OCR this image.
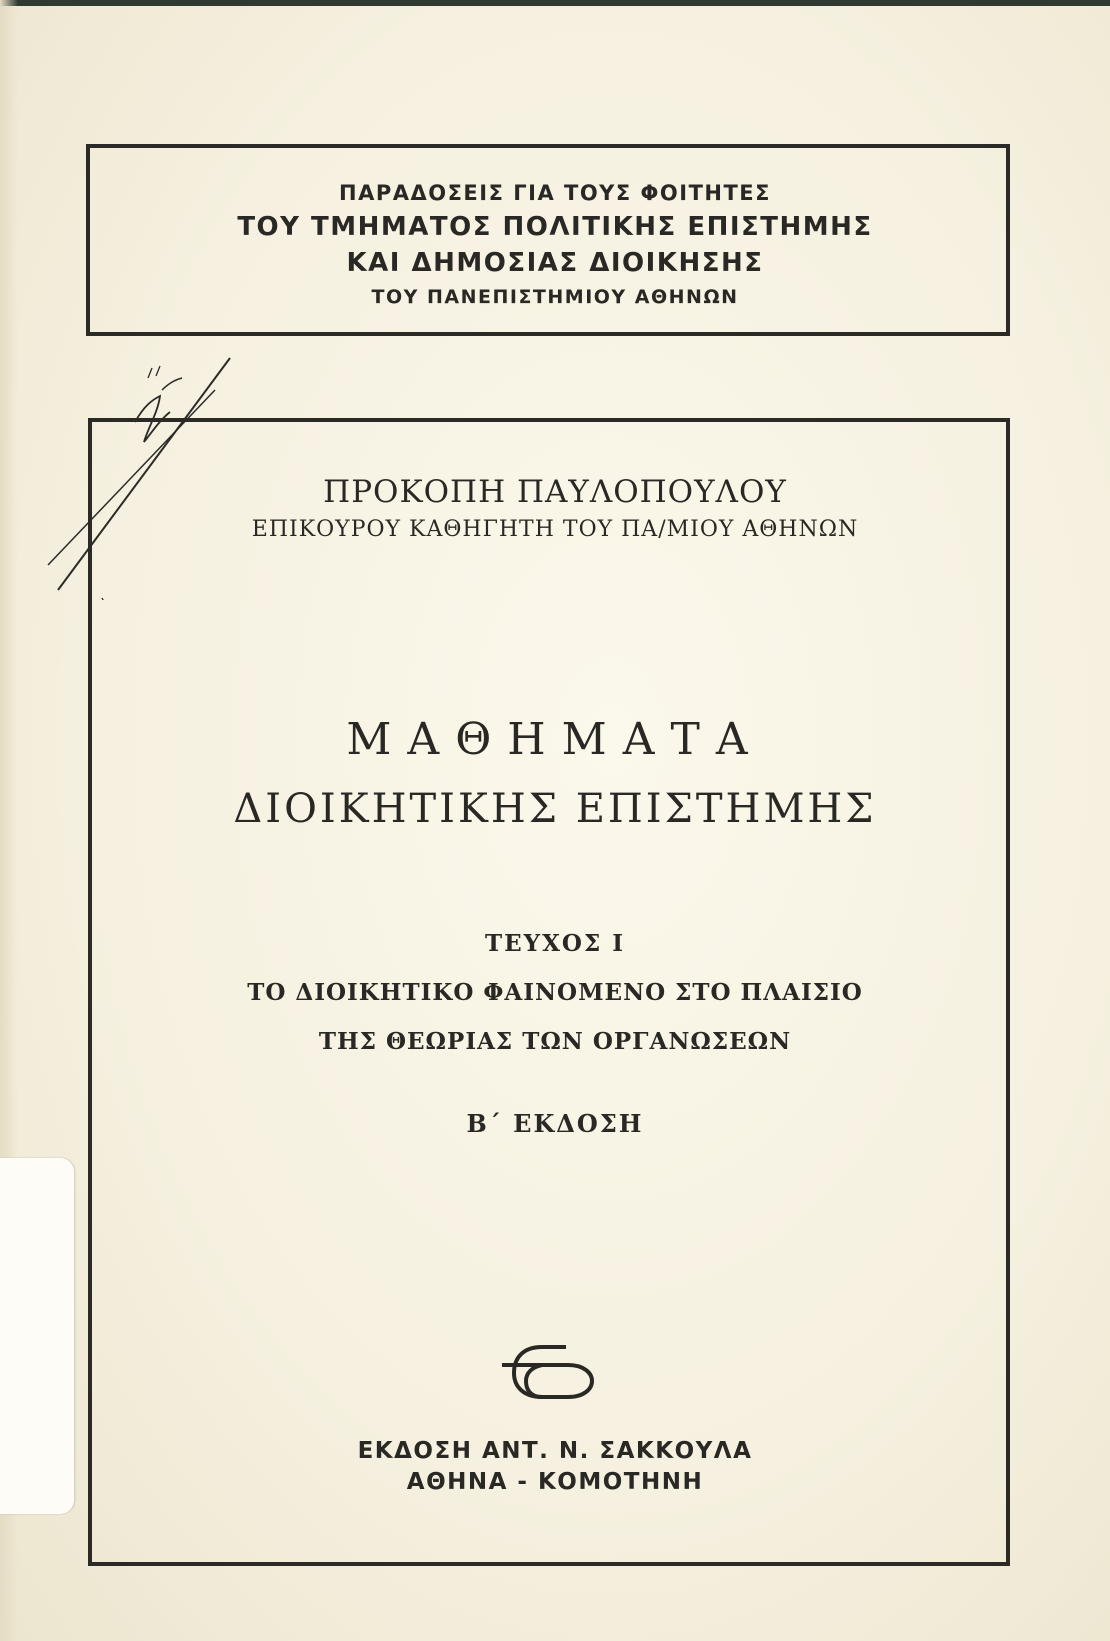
ΠΑΡΑΔΟΣΕΙΣ ΓΙΑ ΤΟΥΣ ΦΟΙΤΗΤΕΣ

ΤΟΥ ΤΜΗΜΑΤΟΣ ΠΟΛΙΤΙΚΗΣ ΕΠΙΣΤΗΜΗΣ

ΚΑΙ ΔΗΜΟΣΙΑΣ ΔΙΟΙΚΗΣΗΣ

ΤΟΥ ΠΑΝΕΠΙΣΤΗΜΙΟΥ ΑΘΗΝΩΝ

ΠΡΟΚΟΠΗ ΠΑΥΛΟΠΟΥΛΟΥ

ΕΠΙΚΟΥΡΟΥ ΚΑΘΗΓΗΤΗ ΤΟΥ ΠΑ/ΜΙΟΥ ΑΘΗΝΩΝ

ΜΑΘΗΜΑΤΑ

ΔΙΟΙΚΗΤΙΚΗΣ ΕΠΙΣΤΗΜΗΣ

ΤΕΥΧΟΣ Ι

ΤΟ ΔΙΟΙΚΗΤΙΚΟ ΦΑΙΝΟΜΕΝΟ ΣΤΟ ΠΛΑΙΣΙΟ

ΤΗΣ ΘΕΩΡΙΑΣ ΤΩΝ ΟΡΓΑΝΩΣΕΩΝ

Β΄ ΕΚΔΟΣΗ

ΕΚΔΟΣΗ ΑΝΤ. Ν. ΣΑΚΚΟΥΛΑ

ΑΘΗΝΑ - ΚΟΜΟΤΗΝΗ
